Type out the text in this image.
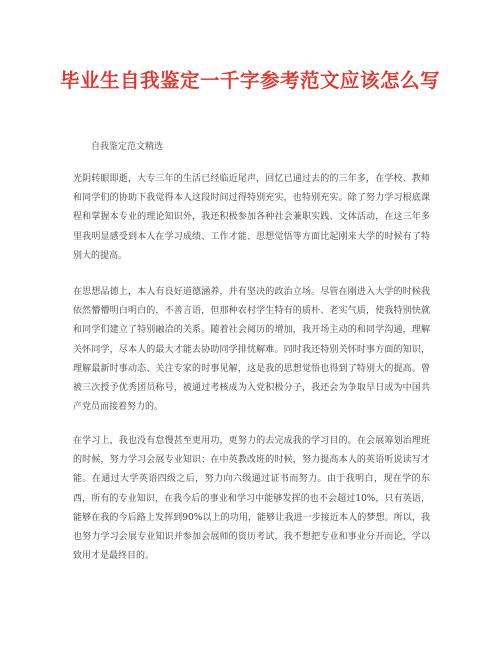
毕业生自我鉴定一千字参考范文应该怎么写

自我鉴定范文精选

光阴转眼即逝，大专三年的生活已经临近尾声，回忆已通过去的的三年多，在学校、教师和同学们的协助下我觉得本人这段时间过得特别充实，也特别充实。除了努力学习根底课程和掌握本专业的理论知识外，我还积极参加各种社会兼职实践、文体活动，在这三年多里我明显感受到本人在学习成绩、工作才能、思想觉悟等方面比起刚来大学的时候有了特别大的提高。

在思想品德上，本人有良好道德涵养，并有坚决的政治立场。尽管在刚进入大学的时候我依然懵懵明白明白的，不善言语，但那种农村学生特有的质朴、老实气质，使我特别快就和同学们建立了特别融洽的关系。随着社会阅历的增加，我开场主动的和同学沟通，理解关怀同学，尽本人的最大才能去协助同学排忧解难。同时我还特别关怀时事方面的知识，理解最新时事动态、关注专家的时事见解，这是我的思想觉悟也得到了特别大的提高。曾被三次授予优秀团员称号，被通过考核成为入党积极分子，我还会为争取早日成为中国共产党员而接着努力的。

在学习上，我也没有怠慢甚至更用功，更努力的去完成我的学习目的。在会展筹划治理班的时候，努力学习会展专业知识；在中英教改班的时候，努力提高本人的英语听说读写才能。在通过大学英语四级之后，努力向六级通过证书而努力。由于我明白，现在学的东西，所有的专业知识，在我今后的事业和学习中能够发挥的也不会超过10%，只有英语，能够在我的今后路上发挥到90%以上的功用，能够让我进一步接近本人的梦想。所以，我也努力学习会展专业知识并参加会展师的资历考试，我不想把专业和事业分开而论，学以致用才是最终目的。
